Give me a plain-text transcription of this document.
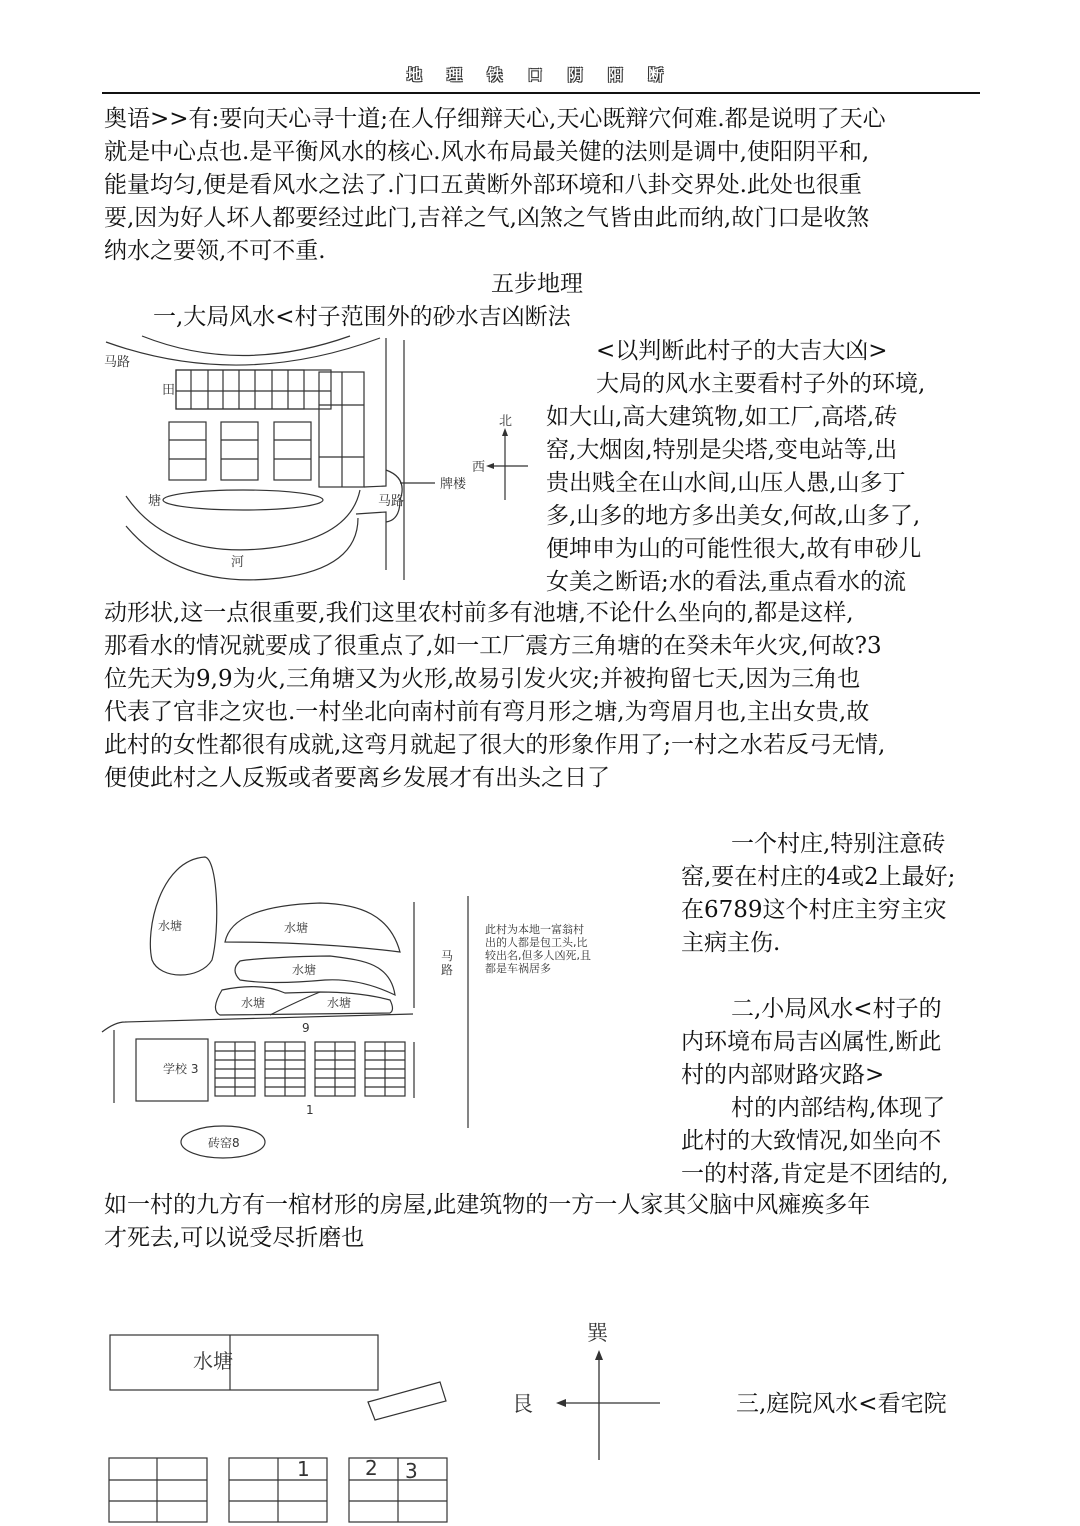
地 理 铁 口 阴 阳 断
奥语>>有:要向天心寻十道;在人仔细辩天心,天心既辩穴何难.都是说明了天心
就是中心点也.是平衡风水的核心.风水布局最关健的法则是调中,使阳阴平和,
能量均匀,便是看风水之法了.门口五黄断外部环境和八卦交界处.此处也很重
要,因为好人坏人都要经过此门,吉祥之气,凶煞之气皆由此而纳,故门口是收煞
纳水之要领,不可不重.
五步地理
一,大局风水<村子范围外的砂水吉凶断法
<以判断此村子的大吉大凶>
大局的风水主要看村子外的环境,
如大山,高大建筑物,如工厂,高塔,砖
窑,大烟囱,特别是尖塔,变电站等,出
贵出贱全在山水间,山压人愚,山多丁
多,山多的地方多出美女,何故,山多了,
便坤申为山的可能性很大,故有申砂儿
女美之断语;水的看法,重点看水的流
马路
田
塘	马路
牌楼
河
北
西
动形状,这一点很重要,我们这里农村前多有池塘,不论什么坐向的,都是这样,
那看水的情况就要成了很重点了,如一工厂震方三角塘的在癸未年火灾,何故?3
位先天为9,9为火,三角塘又为火形,故易引发火灾;并被拘留七天,因为三角也
代表了官非之灾也.一村坐北向南村前有弯月形之塘,为弯眉月也,主出女贵,故
此村的女性都很有成就,这弯月就起了很大的形象作用了;一村之水若反弓无情,
便使此村之人反叛或者要离乡发展才有出头之日了
一个村庄,特别注意砖
窑,要在村庄的4或2上最好;
在6789这个村庄主穷主灾
主病主伤.
二,小局风水<村子的
内环境布局吉凶属性,断此
村的内部财路灾路>
村的内部结构,体现了
此村的大致情况,如坐向不
一的村落,肯定是不团结的,
水塘	水塘
水塘
水塘	水塘
9
学校 3
1
砖窑8
马 路
此村为本地一富翁村 出的人都是包工头,比 较出名,但多人凶死,且 都是车祸居多
如一村的九方有一棺材形的房屋,此建筑物的一方一人家其父脑中风瘫痪多年
才死去,可以说受尽折磨也
巽
艮
水塘
1	2 3
三,庭院风水<看宅院
